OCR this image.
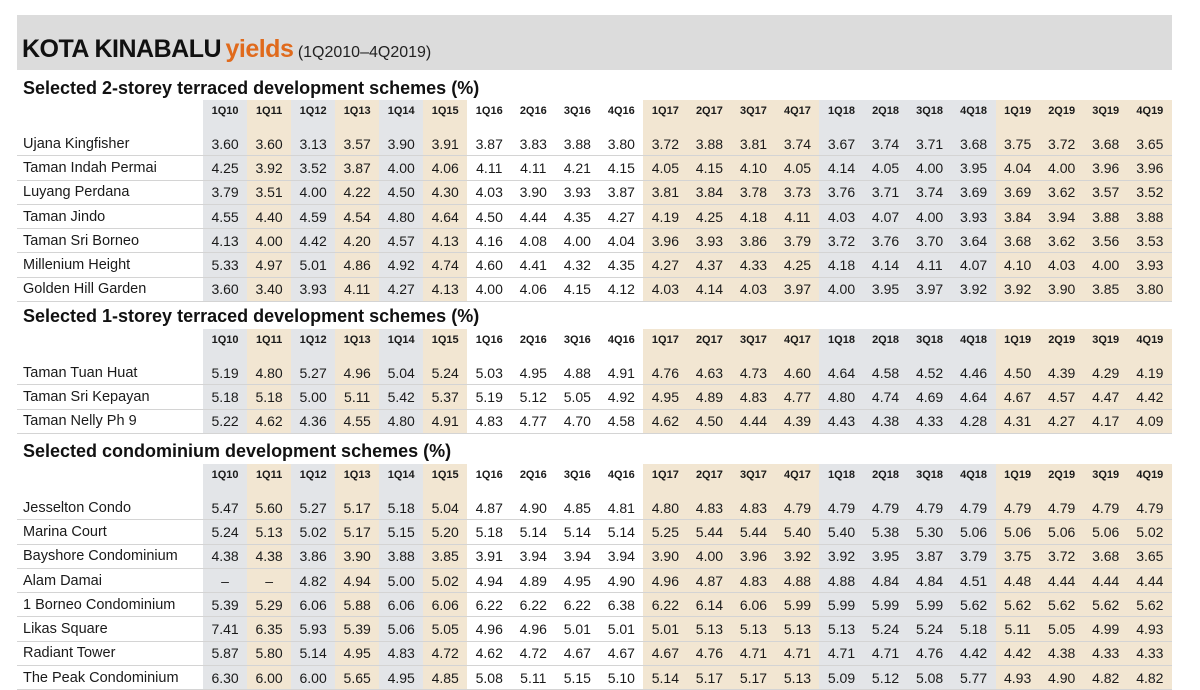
KOTA KINABALU yields (1Q2010–4Q2019)
Selected 2-storey terraced development schemes (%)
	1Q10	1Q11	1Q12	1Q13	1Q14	1Q15	1Q16	2Q16	3Q16	4Q16	1Q17	2Q17	3Q17	4Q17	1Q18	2Q18	3Q18	4Q18	1Q19	2Q19	3Q19	4Q19

Ujana Kingfisher	3.60	3.60	3.13	3.57	3.90	3.91	3.87	3.83	3.88	3.80	3.72	3.88	3.81	3.74	3.67	3.74	3.71	3.68	3.75	3.72	3.68	3.65
Taman Indah Permai	4.25	3.92	3.52	3.87	4.00	4.06	4.11	4.11	4.21	4.15	4.05	4.15	4.10	4.05	4.14	4.05	4.00	3.95	4.04	4.00	3.96	3.96
Luyang Perdana	3.79	3.51	4.00	4.22	4.50	4.30	4.03	3.90	3.93	3.87	3.81	3.84	3.78	3.73	3.76	3.71	3.74	3.69	3.69	3.62	3.57	3.52
Taman Jindo	4.55	4.40	4.59	4.54	4.80	4.64	4.50	4.44	4.35	4.27	4.19	4.25	4.18	4.11	4.03	4.07	4.00	3.93	3.84	3.94	3.88	3.88
Taman Sri Borneo	4.13	4.00	4.42	4.20	4.57	4.13	4.16	4.08	4.00	4.04	3.96	3.93	3.86	3.79	3.72	3.76	3.70	3.64	3.68	3.62	3.56	3.53
Millenium Height	5.33	4.97	5.01	4.86	4.92	4.74	4.60	4.41	4.32	4.35	4.27	4.37	4.33	4.25	4.18	4.14	4.11	4.07	4.10	4.03	4.00	3.93
Golden Hill Garden	3.60	3.40	3.93	4.11	4.27	4.13	4.00	4.06	4.15	4.12	4.03	4.14	4.03	3.97	4.00	3.95	3.97	3.92	3.92	3.90	3.85	3.80
Selected 1-storey terraced development schemes (%)
	1Q10	1Q11	1Q12	1Q13	1Q14	1Q15	1Q16	2Q16	3Q16	4Q16	1Q17	2Q17	3Q17	4Q17	1Q18	2Q18	3Q18	4Q18	1Q19	2Q19	3Q19	4Q19

Taman Tuan Huat	5.19	4.80	5.27	4.96	5.04	5.24	5.03	4.95	4.88	4.91	4.76	4.63	4.73	4.60	4.64	4.58	4.52	4.46	4.50	4.39	4.29	4.19
Taman Sri Kepayan	5.18	5.18	5.00	5.11	5.42	5.37	5.19	5.12	5.05	4.92	4.95	4.89	4.83	4.77	4.80	4.74	4.69	4.64	4.67	4.57	4.47	4.42
Taman Nelly Ph 9	5.22	4.62	4.36	4.55	4.80	4.91	4.83	4.77	4.70	4.58	4.62	4.50	4.44	4.39	4.43	4.38	4.33	4.28	4.31	4.27	4.17	4.09
Selected condominium development schemes (%)
	1Q10	1Q11	1Q12	1Q13	1Q14	1Q15	1Q16	2Q16	3Q16	4Q16	1Q17	2Q17	3Q17	4Q17	1Q18	2Q18	3Q18	4Q18	1Q19	2Q19	3Q19	4Q19

Jesselton Condo	5.47	5.60	5.27	5.17	5.18	5.04	4.87	4.90	4.85	4.81	4.80	4.83	4.83	4.79	4.79	4.79	4.79	4.79	4.79	4.79	4.79	4.79
Marina Court	5.24	5.13	5.02	5.17	5.15	5.20	5.18	5.14	5.14	5.14	5.25	5.44	5.44	5.40	5.40	5.38	5.30	5.06	5.06	5.06	5.06	5.02
Bayshore Condominium	4.38	4.38	3.86	3.90	3.88	3.85	3.91	3.94	3.94	3.94	3.90	4.00	3.96	3.92	3.92	3.95	3.87	3.79	3.75	3.72	3.68	3.65
Alam Damai	–	–	4.82	4.94	5.00	5.02	4.94	4.89	4.95	4.90	4.96	4.87	4.83	4.88	4.88	4.84	4.84	4.51	4.48	4.44	4.44	4.44
1 Borneo Condominium	5.39	5.29	6.06	5.88	6.06	6.06	6.22	6.22	6.22	6.38	6.22	6.14	6.06	5.99	5.99	5.99	5.99	5.62	5.62	5.62	5.62	5.62
Likas Square	7.41	6.35	5.93	5.39	5.06	5.05	4.96	4.96	5.01	5.01	5.01	5.13	5.13	5.13	5.13	5.24	5.24	5.18	5.11	5.05	4.99	4.93
Radiant Tower	5.87	5.80	5.14	4.95	4.83	4.72	4.62	4.72	4.67	4.67	4.67	4.76	4.71	4.71	4.71	4.71	4.76	4.42	4.42	4.38	4.33	4.33
The Peak Condominium	6.30	6.00	6.00	5.65	4.95	4.85	5.08	5.11	5.15	5.10	5.14	5.17	5.17	5.13	5.09	5.12	5.08	5.77	4.93	4.90	4.82	4.82
